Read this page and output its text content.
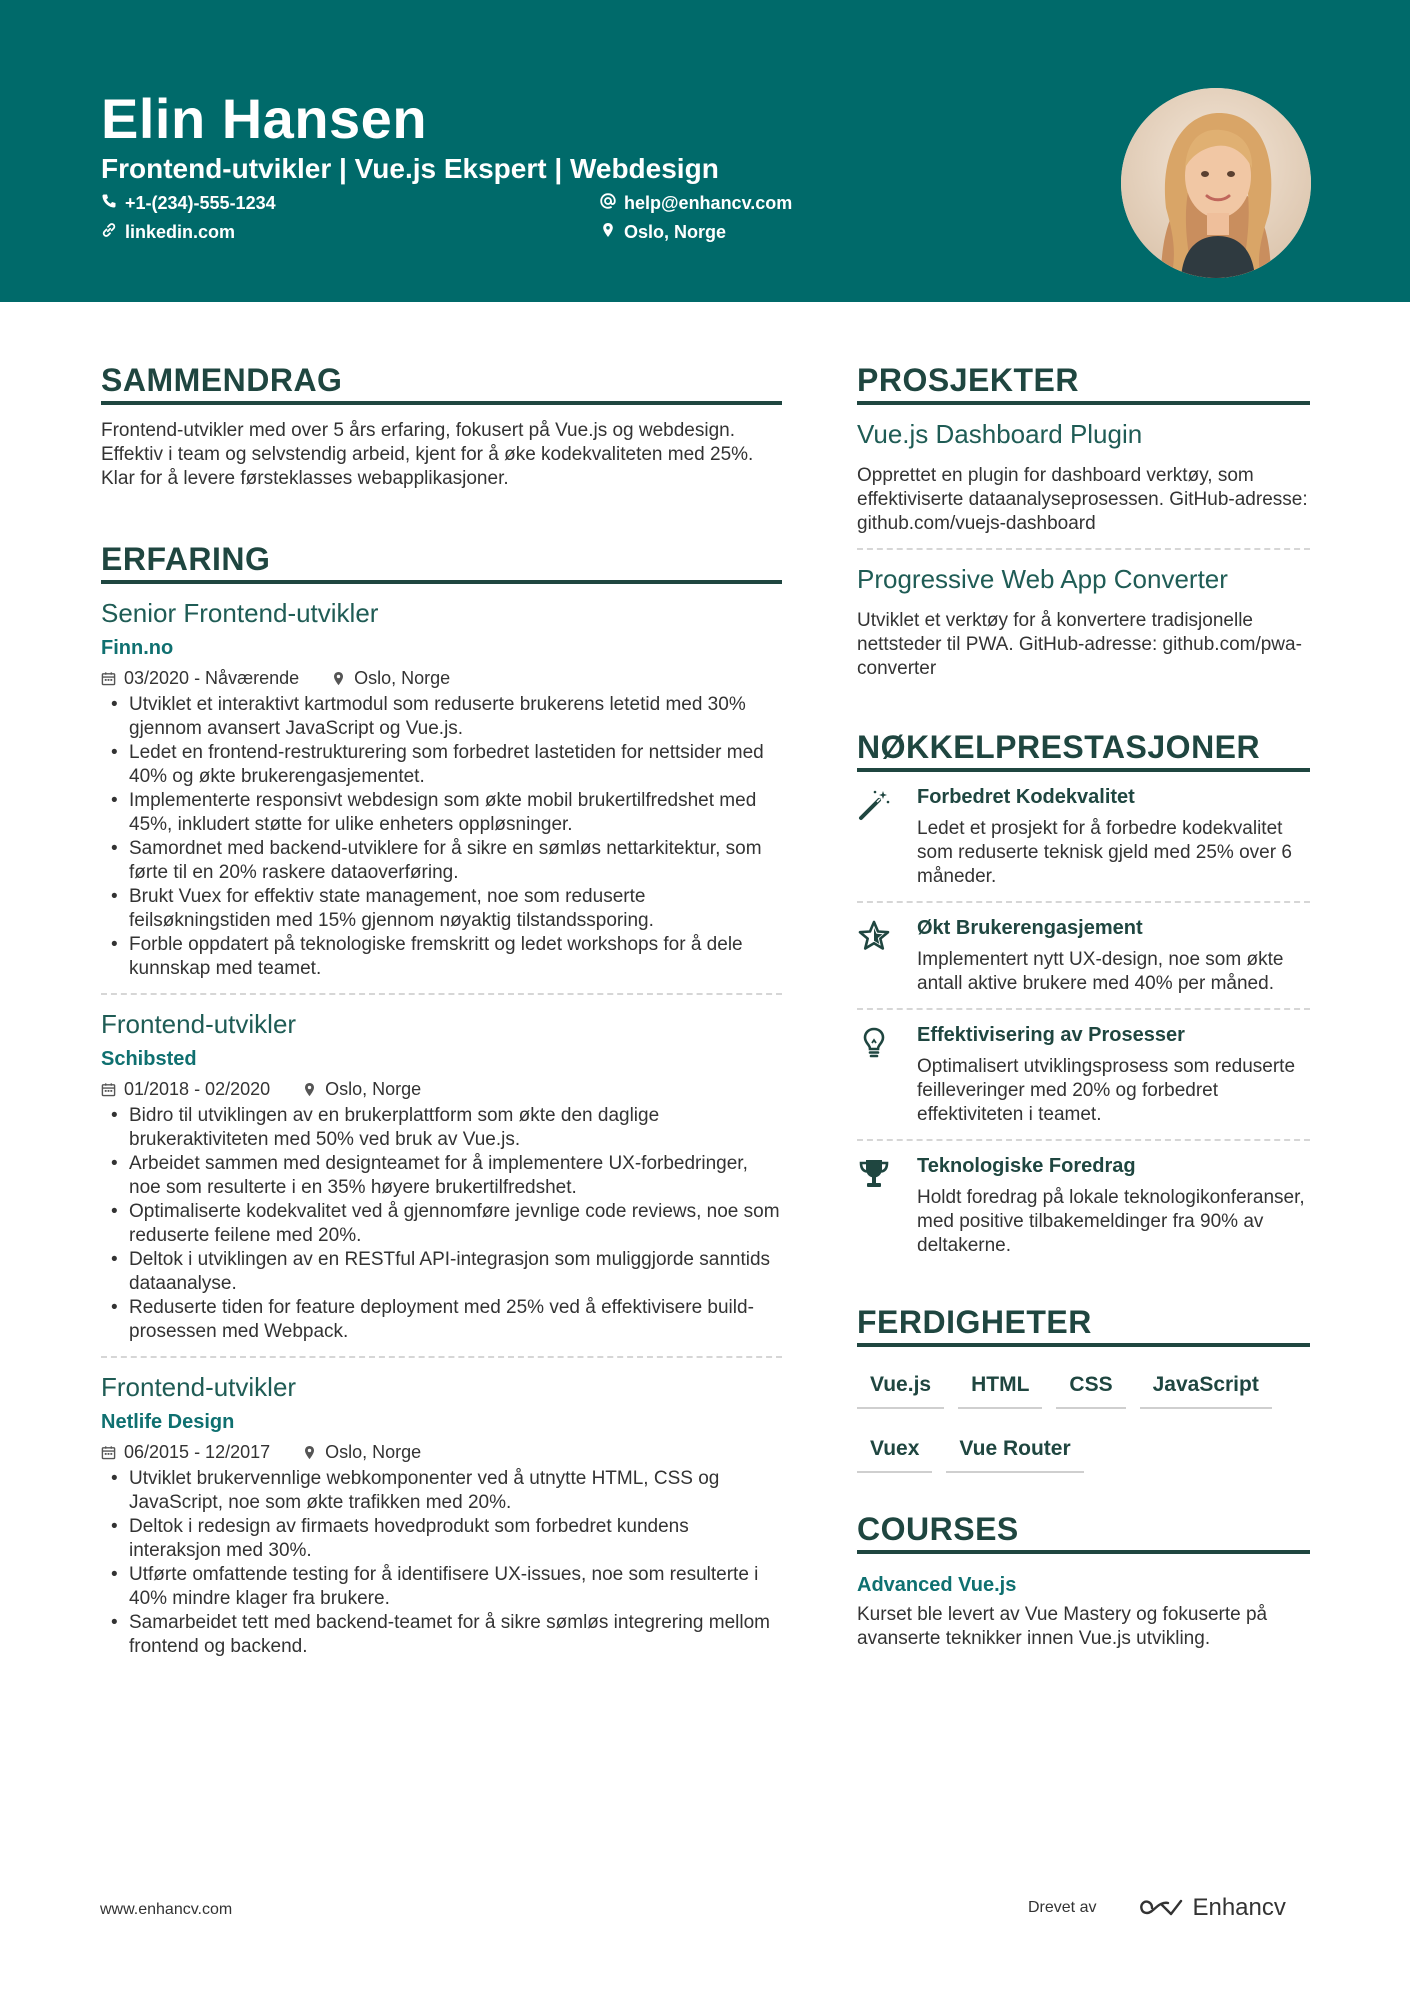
Elin Hansen
Frontend-utvikler | Vue.js Ekspert | Webdesign
+1-(234)-555-1234	help@enhancv.com
linkedin.com	Oslo, Norge
SAMMENDRAG
Frontend-utvikler med over 5 års erfaring, fokusert på Vue.js og webdesign. Effektiv i team og selvstendig arbeid, kjent for å øke kodekvaliteten med 25%. Klar for å levere førsteklasses webapplikasjoner.
ERFARING
Senior Frontend-utvikler
Finn.no
03/2020 - Nåværende	Oslo, Norge
• Utviklet et interaktivt kartmodul som reduserte brukerens letetid med 30% gjennom avansert JavaScript og Vue.js.
• Ledet en frontend-restrukturering som forbedret lastetiden for nettsider med 40% og økte brukerengasjementet.
• Implementerte responsivt webdesign som økte mobil brukertilfredshet med 45%, inkludert støtte for ulike enheters oppløsninger.
• Samordnet med backend-utviklere for å sikre en sømløs nettarkitektur, som førte til en 20% raskere dataoverføring.
• Brukt Vuex for effektiv state management, noe som reduserte feilsøkningstiden med 15% gjennom nøyaktig tilstandssporing.
• Forble oppdatert på teknologiske fremskritt og ledet workshops for å dele kunnskap med teamet.
Frontend-utvikler
Schibsted
01/2018 - 02/2020	Oslo, Norge
• Bidro til utviklingen av en brukerplattform som økte den daglige brukeraktiviteten med 50% ved bruk av Vue.js.
• Arbeidet sammen med designteamet for å implementere UX-forbedringer, noe som resulterte i en 35% høyere brukertilfredshet.
• Optimaliserte kodekvalitet ved å gjennomføre jevnlige code reviews, noe som reduserte feilene med 20%.
• Deltok i utviklingen av en RESTful API-integrasjon som muliggjorde sanntids dataanalyse.
• Reduserte tiden for feature deployment med 25% ved å effektivisere build-prosessen med Webpack.
Frontend-utvikler
Netlife Design
06/2015 - 12/2017	Oslo, Norge
• Utviklet brukervennlige webkomponenter ved å utnytte HTML, CSS og JavaScript, noe som økte trafikken med 20%.
• Deltok i redesign av firmaets hovedprodukt som forbedret kundens interaksjon med 30%.
• Utførte omfattende testing for å identifisere UX-issues, noe som resulterte i 40% mindre klager fra brukere.
• Samarbeidet tett med backend-teamet for å sikre sømløs integrering mellom frontend og backend.
PROSJEKTER
Vue.js Dashboard Plugin
Opprettet en plugin for dashboard verktøy, som effektiviserte dataanalyseprosessen. GitHub-adresse: github.com/vuejs-dashboard
Progressive Web App Converter
Utviklet et verktøy for å konvertere tradisjonelle nettsteder til PWA. GitHub-adresse: github.com/pwa-converter
NØKKELPRESTASJONER
Forbedret Kodekvalitet
Ledet et prosjekt for å forbedre kodekvalitet som reduserte teknisk gjeld med 25% over 6 måneder.
Økt Brukerengasjement
Implementert nytt UX-design, noe som økte antall aktive brukere med 40% per måned.
Effektivisering av Prosesser
Optimalisert utviklingsprosess som reduserte feilleveringer med 20% og forbedret effektiviteten i teamet.
Teknologiske Foredrag
Holdt foredrag på lokale teknologikonferanser, med positive tilbakemeldinger fra 90% av deltakerne.
FERDIGHETER
Vue.js	HTML	CSS	JavaScript
Vuex	Vue Router
COURSES
Advanced Vue.js
Kurset ble levert av Vue Mastery og fokuserte på avanserte teknikker innen Vue.js utvikling.
www.enhancv.com	Drevet av	Enhancv
